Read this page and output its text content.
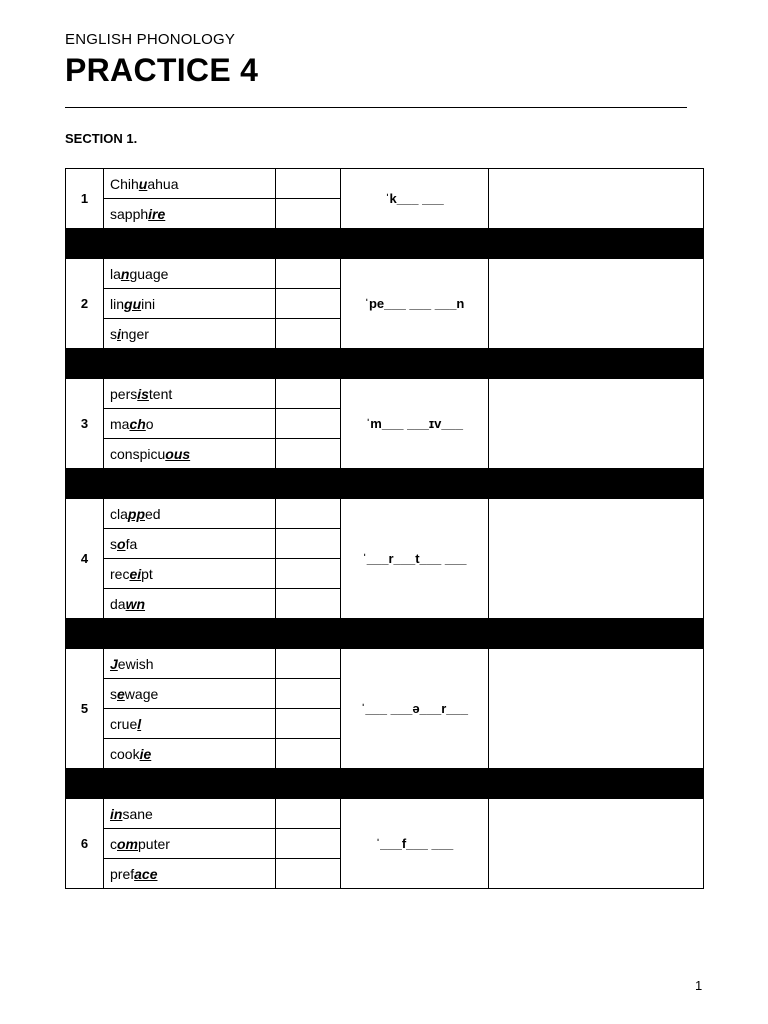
ENGLISH PHONOLOGY
PRACTICE 4
SECTION 1.
1	Chihuahua		ˈk___ ___	
	sapphire			

2	language		ˈpe___ ___ ___n	
	linguini			
	singer			

3	persistent		ˈm___ ___ɪv___	
	macho			
	conspicuous			

4	clapped		ˈ___r___t___ ___	
	sofa			
	receipt			
	dawn			

5	Jewish		ˈ___ ___ə___r___	
	sewage			
	cruel			
	cookie			

6	insane		ˈ___f___ ___	
	computer			
	preface			
1
